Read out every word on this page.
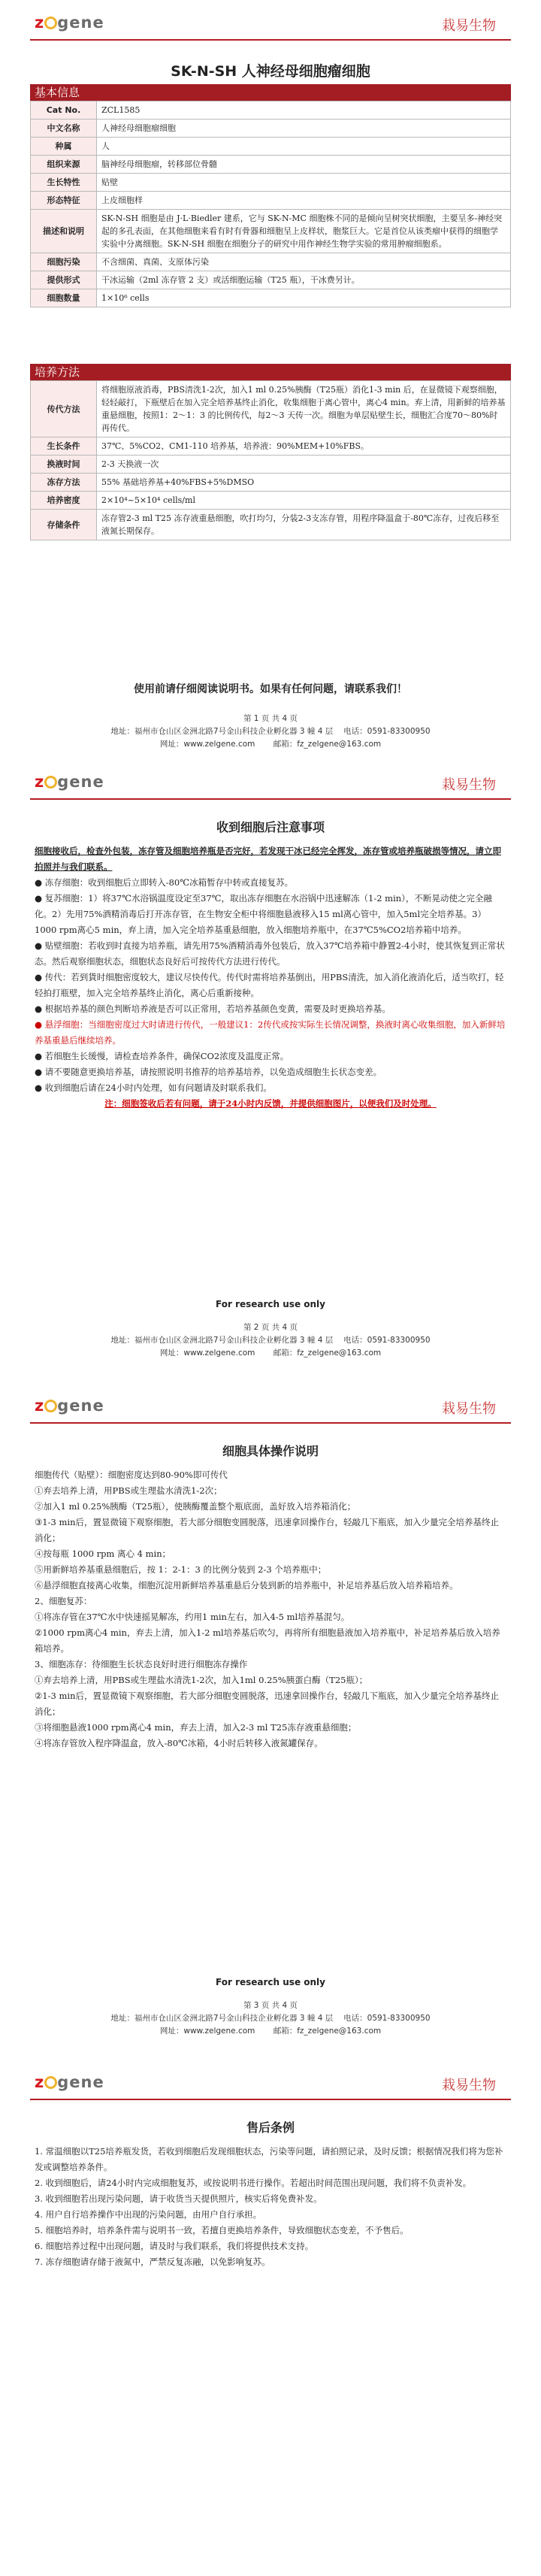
z gene	栽易生物
SK-N-SH 人神经母细胞瘤细胞
基本信息
Cat No.	ZCL1585
中文名称	人神经母细胞瘤细胞
种属	人
组织来源	脑神经母细胞瘤，转移部位骨髓
生长特性	贴壁
形态特征	上皮细胞样
描述和说明	SK-N-SH 细胞是由 J·L·Biedler 建系，它与 SK-N-MC 细胞株不同的是倾向呈树突状细胞，主要呈多-神经突起的多孔表面，在其他细胞来看有时有骨器和细胞呈上皮样状，胞浆巨大。它是首位从该类瘤中获得的细胞学实验中分离细胞。SK-N-SH 细胞在细胞分子的研究中用作神经生物学实验的常用肿瘤细胞系。
细胞污染	不含细菌、真菌、支原体污染
提供形式	干冰运输（2ml 冻存管 2 支）或活细胞运输（T25 瓶），干冰费另计。
细胞数量	1×10⁶ cells
培养方法
传代方法	将细胞原液消毒，PBS清洗1-2次，加入1 ml 0.25%胰酶（T25瓶）消化1-3 min 后，在显微镜下观察细胞，轻轻敲打，下瓶壁后在加入完全培养基终止消化，收集细胞于离心管中，离心4 min。弃上清，用新鲜的培养基重悬细胞，按照1：2～1：3 的比例传代，每2～3 天传一次。细胞为单层贴壁生长，细胞汇合度70～80%时再传代。
生长条件	37℃、5%CO2、CM1-110 培养基，培养液：90%MEM+10%FBS。
换液时间	2-3 天换液一次
冻存方法	55% 基础培养基+40%FBS+5%DMSO
培养密度	2×10⁴~5×10⁴ cells/ml
存储条件	冻存管2-3 ml T25 冻存液重悬细胞，吹打均匀，分装2-3支冻存管，用程序降温盒于-80℃冻存，过夜后移至液氮长期保存。
使用前请仔细阅读说明书。如果有任何问题，请联系我们！
第 1 页 共 4 页
地址：福州市仓山区金洲北路7号金山科技企业孵化器 3 幢 4 层　 电话：0591-83300950
网址：www.zelgene.com　　 邮箱：fz_zelgene@163.com
z gene	栽易生物
收到细胞后注意事项

细胞接收后，检查外包装，冻存管及细胞培养瓶是否完好，若发现干冰已经完全挥发，冻存管或培养瓶破损等情况，请立即拍照并与我们联系。

● 冻存细胞：收到细胞后立即转入-80℃冰箱暂存中转或直接复苏。

● 复苏细胞：1）将37℃水浴锅温度设定至37℃，取出冻存细胞在水浴锅中迅速解冻（1-2 min），不断晃动使之完全融化。2）先用75%酒精消毒后打开冻存管，在生物安全柜中将细胞悬液移入15 ml离心管中，加入5ml完全培养基。3）1000 rpm离心5 min，弃上清，加入完全培养基重悬细胞，放入细胞培养瓶中，在37℃5%CO2培养箱中培养。

● 贴壁细胞：若收到时直接为培养瓶，请先用75%酒精消毒外包装后，放入37℃培养箱中静置2-4小时，使其恢复到正常状态。然后观察细胞状态，细胞状态良好后可按传代方法进行传代。

● 传代：若到貨时细胞密度较大，建议尽快传代。传代时需将培养基倒出，用PBS清洗，加入消化液消化后，适当吹打，轻轻拍打瓶壁，加入完全培养基终止消化，离心后重新接种。

● 根据培养基的颜色判断培养液是否可以正常用，若培养基颜色变黄，需要及时更换培养基。

● 悬浮细胞：当细胞密度过大时请进行传代，一般建议1：2传代或按实际生长情况调整，换液时离心收集细胞，加入新鲜培养基重悬后继续培养。

● 若细胞生长缓慢，请检查培养条件，确保CO2浓度及温度正常。

● 请不要随意更换培养基，请按照说明书推荐的培养基培养，以免造成细胞生长状态变差。

● 收到细胞后请在24小时内处理，如有问题请及时联系我们。

注：细胞签收后若有问题，请于24小时内反馈，并提供细胞图片，以便我们及时处理。

For research use only
第 2 页 共 4 页
地址：福州市仓山区金洲北路7号金山科技企业孵化器 3 幢 4 层　 电话：0591-83300950
网址：www.zelgene.com　　 邮箱：fz_zelgene@163.com
z gene	栽易生物
细胞具体操作说明

细胞传代（贴壁）：细胞密度达到80-90%即可传代

①弃去培养上清，用PBS或生理盐水清洗1-2次；

②加入1 ml 0.25%胰酶（T25瓶），使胰酶覆盖整个瓶底面，盖好放入培养箱消化；

③1-3 min后，置显微镜下观察细胞，若大部分细胞变圆脱落，迅速拿回操作台，轻敲几下瓶底，加入少量完全培养基终止消化；

④按每瓶 1000 rpm 离心 4 min；

⑤用新鲜培养基重悬细胞后，按 1：2-1：3 的比例分装到 2-3 个培养瓶中；

⑥悬浮细胞直接离心收集，细胞沉淀用新鲜培养基重悬后分装到新的培养瓶中，补足培养基后放入培养箱培养。

2、细胞复苏：

①将冻存管在37℃水中快速摇晃解冻，约用1 min左右，加入4-5 ml培养基混匀。

②1000 rpm离心4 min，弃去上清，加入1-2 ml培养基后吹匀，再将所有细胞悬液加入培养瓶中，补足培养基后放入培养箱培养。

3、细胞冻存：待细胞生长状态良好时进行细胞冻存操作

①弃去培养上清，用PBS或生理盐水清洗1-2次，加入1ml 0.25%胰蛋白酶（T25瓶）；

②1-3 min后，置显微镜下观察细胞，若大部分细胞变圆脱落，迅速拿回操作台，轻敲几下瓶底，加入少量完全培养基终止消化；

③将细胞悬液1000 rpm离心4 min，弃去上清，加入2-3 ml T25冻存液重悬细胞；

④将冻存管放入程序降温盒，放入-80℃冰箱，4小时后转移入液氮罐保存。

For research use only
第 3 页 共 4 页
地址：福州市仓山区金洲北路7号金山科技企业孵化器 3 幢 4 层　 电话：0591-83300950
网址：www.zelgene.com　　 邮箱：fz_zelgene@163.com
z gene	栽易生物
售后条例

1. 常温细胞以T25培养瓶发货，若收到细胞后发现细胞状态，污染等问题，请拍照记录，及时反馈；根据情况我们将为您补发或调整培养条件。

2. 收到细胞后，请24小时内完成细胞复苏，或按说明书进行操作。若超出时间范围出现问题，我们将不负责补发。

3. 收到细胞若出现污染问题，请于收货当天提供照片，核实后将免费补发。

4. 用户自行培养操作中出现的污染问题，由用户自行承担。

5. 细胞培养时，培养条件需与说明书一致，若擅自更换培养条件，导致细胞状态变差，不予售后。

6. 细胞培养过程中出现问题，请及时与我们联系，我们将提供技术支持。

7. 冻存细胞请存储于液氮中，严禁反复冻融，以免影响复苏。
